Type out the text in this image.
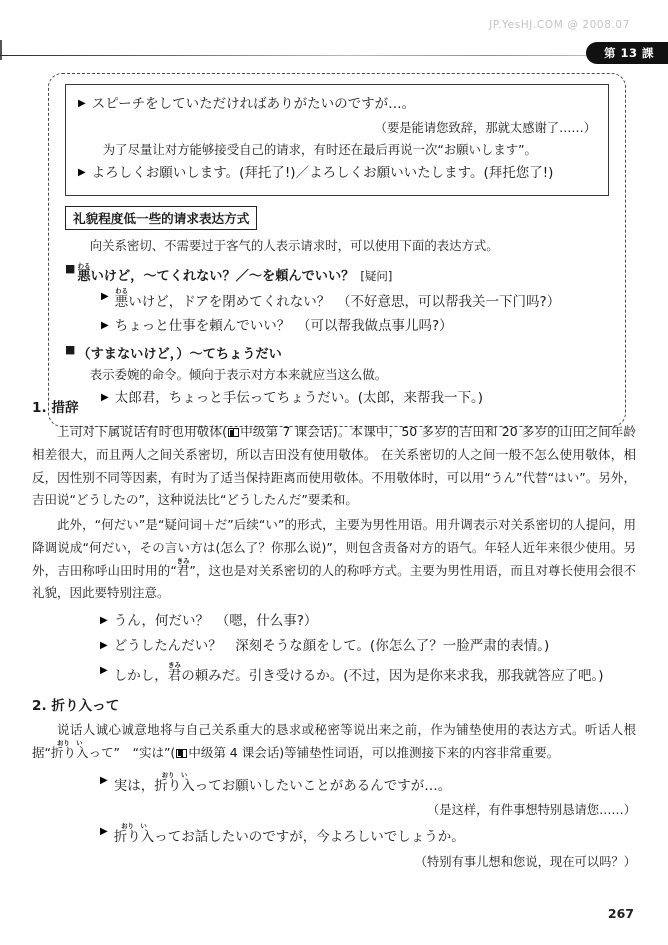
JP.YesHJ.COM @ 2008.07
第 13 課
▶ スピーチをしていただければありがたいのですが…。
（要是能请您致辞，那就太感谢了……）
为了尽量让对方能够接受自己的请求，有时还在最后再说一次“お願いします”。
▶ よろしくお願いします。(拜托了!)／よろしくお願いいたします。(拜托您了!)
礼貌程度低一些的请求表达方式
向关系密切、不需要过于客气的人表示请求时，可以使用下面的表达方式。
■
悪わるいけど，～てくれない？／～を頼んでいい？ [疑问]
▶ 悪わるいけど，ドアを閉めてくれない？　（不好意思，可以帮我关一下门吗?）
▶ ちょっと仕事を頼んでいい？　（可以帮我做点事儿吗?）
■ （すまないけど，）～てちょうだい
表示委婉的命令。倾向于表示对方本来就应当这么做。
▶ 太郎君，ちょっと手伝ってちょうだい。(太郎，来帮我一下。)
1. 措辞

上司对下属说话有时也用敬体( 中级第 7 课会话)。本课中，50 多岁的吉田和 20 多岁的山田之间年龄相差很大，而且两人之间关系密切，所以吉田没有使用敬体。 在关系密切的人之间一般不怎么使用敬体，相反，因性别不同等因素，有时为了适当保持距离而使用敬体。不用敬体时，可以用“うん”代替“はい”。另外，吉田说“どうしたの”，这种说法比“どうしたんだ”要柔和。

此外，“何だい”是“疑问词＋だ”后续“い”的形式，主要为男性用语。用升调表示对关系密切的人提问，用降调说成“何だい，その言い方は(怎么了？你那么说)”，则包含责备对方的语气。年轻人近年来很少使用。另外，吉田称呼山田时用的“君きみ”，这也是对关系密切的人的称呼方式。主要为男性用语，而且对尊长使用会很不礼貌，因此要特别注意。

▶ うん，何だい？　（嗯，什么事?）
▶ どうしたんだい？　深刻そうな顔をして。(你怎么了？一脸严肃的表情。)
▶ しかし，君きみの頼みだ。引き受けるか。(不过，因为是你来求我，那我就答应了吧。)
2. 折り入って

说话人诚心诚意地将与自己关系重大的恳求或秘密等说出来之前，作为铺垫使用的表达方式。听话人根据“折り入おり　いって”　“实は”( 中级第 4 课会话)等铺垫性词语，可以推测接下来的内容非常重要。

▶ 実は，折り入おり　いってお願いしたいことがあるんですが…。
（是这样，有件事想特别恳请您……）
▶ 折り入おり　いってお話したいのですが，今よろしいでしょうか。
（特别有事儿想和您说，现在可以吗？）
267
